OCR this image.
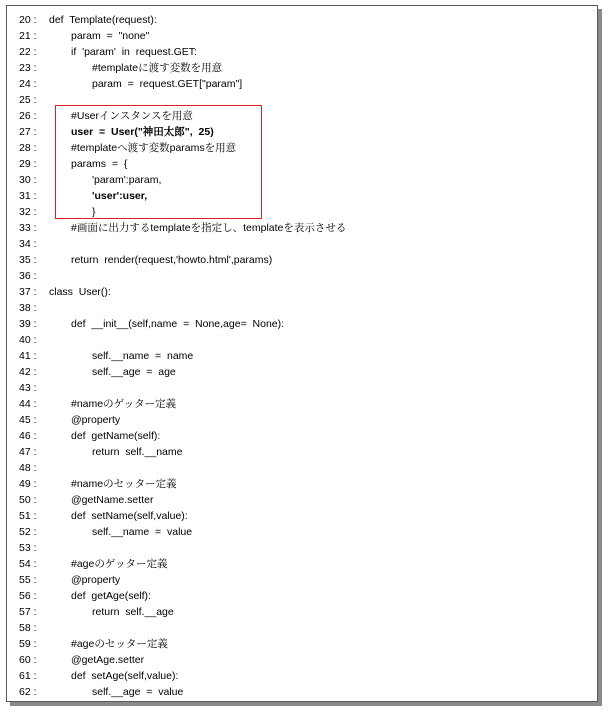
20 :	def  Template(request):
21 :	param  =  "none"
22 :	if  'param'  in  request.GET:
23 :	#templateに渡す変数を用意
24 :	param  =  request.GET["param"]
25 :
26 :	#Userインスタンスを用意
27 :	user  =  User("神田太郎",  25)
28 :	#templateへ渡す変数paramsを用意
29 :	params  =  {
30 :	'param':param,
31 :	'user':user,
32 :	}
33 :	#画面に出力するtemplateを指定し、templateを表示させる
34 :
35 :	return  render(request,'howto.html',params)
36 :
37 :	class  User():
38 :
39 :	def  __init__(self,name  =  None,age=  None):
40 :
41 :	self.__name  =  name
42 :	self.__age  =  age
43 :
44 :	#nameのゲッター定義
45 :	@property
46 :	def  getName(self):
47 :	return  self.__name
48 :
49 :	#nameのセッター定義
50 :	@getName.setter
51 :	def  setName(self,value):
52 :	self.__name  =  value
53 :
54 :	#ageのゲッター定義
55 :	@property
56 :	def  getAge(self):
57 :	return  self.__age
58 :
59 :	#ageのセッター定義
60 :	@getAge.setter
61 :	def  setAge(self,value):
62 :	self.__age  =  value
